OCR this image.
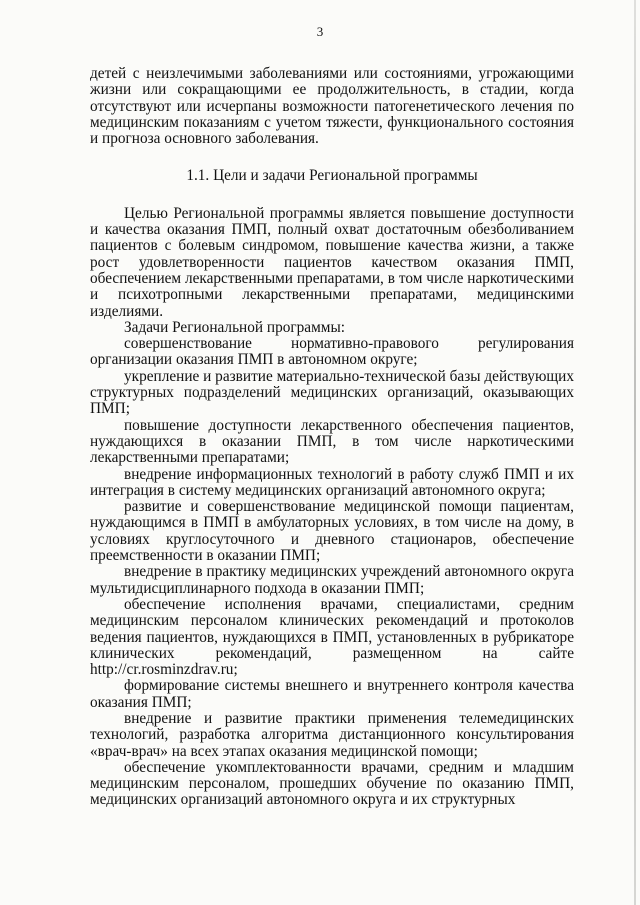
3

детей с неизлечимыми заболеваниями или состояниями, угрожающими жизни или сокращающими ее продолжительность, в стадии, когда отсутствуют или исчерпаны возможности патогенетического лечения по медицинским показаниям с учетом тяжести, функционального состояния и прогноза основного заболевания.

1.1. Цели и задачи Региональной программы

Целью Региональной программы является повышение доступности и качества оказания ПМП, полный охват достаточным обезболиванием пациентов с болевым синдромом, повышение качества жизни, а также рост удовлетворенности пациентов качеством оказания ПМП, обеспечением лекарственными препаратами, в том числе наркотическими и психотропными лекарственными препаратами, медицинскими изделиями.

Задачи Региональной программы:

совершенствование нормативно-правового регулирования организации оказания ПМП в автономном округе;

укрепление и развитие материально-технической базы действующих структурных подразделений медицинских организаций, оказывающих ПМП;

повышение доступности лекарственного обеспечения пациентов, нуждающихся в оказании ПМП, в том числе наркотическими лекарственными препаратами;

внедрение информационных технологий в работу служб ПМП и их интеграция в систему медицинских организаций автономного округа;

развитие и совершенствование медицинской помощи пациентам, нуждающимся в ПМП в амбулаторных условиях, в том числе на дому, в условиях круглосуточного и дневного стационаров, обеспечение преемственности в оказании ПМП;

внедрение в практику медицинских учреждений автономного округа мультидисциплинарного подхода в оказании ПМП;

обеспечение исполнения врачами, специалистами, средним медицинским персоналом клинических рекомендаций и протоколов ведения пациентов, нуждающихся в ПМП, установленных в рубрикаторе клинических рекомендаций, размещенном на сайте http://cr.rosminzdrav.ru;

формирование системы внешнего и внутреннего контроля качества оказания ПМП;

внедрение и развитие практики применения телемедицинских технологий, разработка алгоритма дистанционного консультирования «врач-врач» на всех этапах оказания медицинской помощи;

обеспечение укомплектованности врачами, средним и младшим медицинским персоналом, прошедших обучение по оказанию ПМП, медицинских организаций автономного округа и их структурных
